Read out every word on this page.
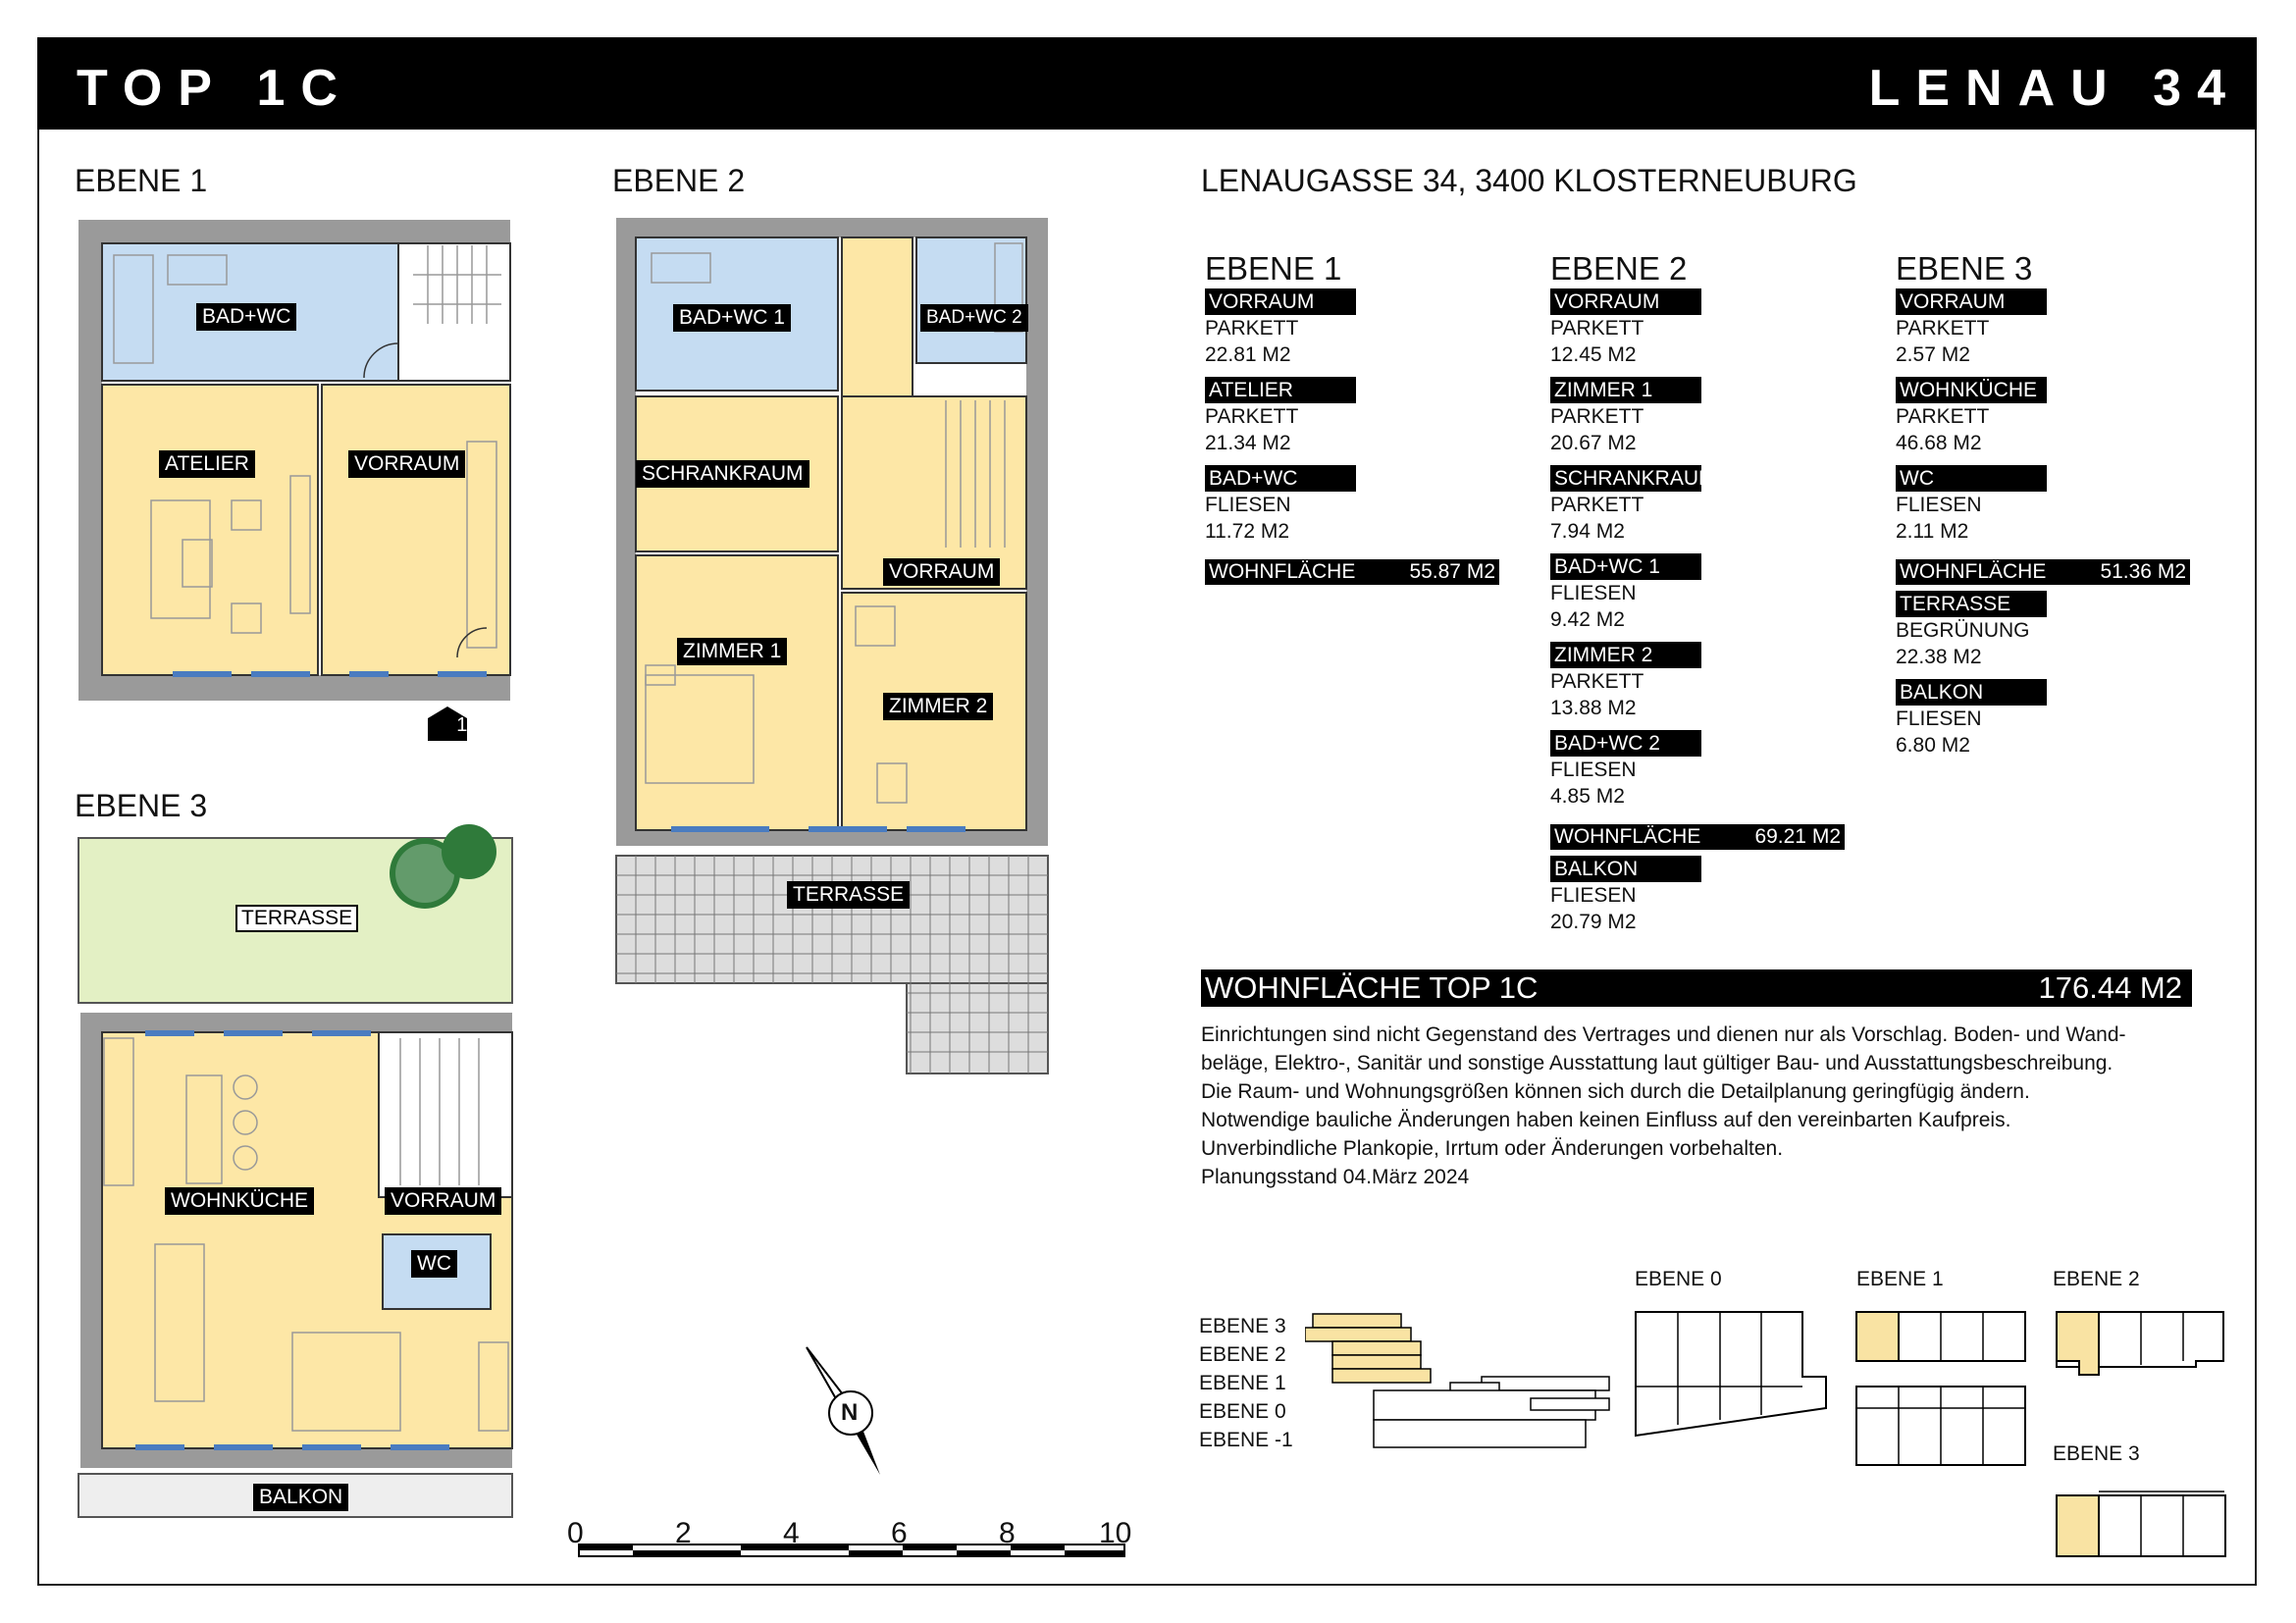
TOP 1C	LENAU 34
EBENE 1
BAD+WC
ATELIER	VORRAUM
1C
EBENE 2
BAD+WC 1	BAD+WC 2
SCHRANKRAUM
VORRAUM
ZIMMER 1
ZIMMER 2
TERRASSE
EBENE 3
TERRASSE
WOHNKÜCHE	VORRAUM
WC
BALKON
N
0	2	4	6	8	10
LENAUGASSE 34, 3400 KLOSTERNEUBURG
EBENE 1
VORRAUM
PARKETT
22.81 M2
ATELIER
PARKETT
21.34 M2
BAD+WC
FLIESEN
11.72 M2
WOHNFLÄCHE	55.87 M2
EBENE 2
VORRAUM
PARKETT
12.45 M2
ZIMMER 1
PARKETT
20.67 M2
SCHRANKRAUM
PARKETT
7.94 M2
BAD+WC 1
FLIESEN
9.42 M2
ZIMMER 2
PARKETT
13.88 M2
BAD+WC 2
FLIESEN
4.85 M2
WOHNFLÄCHE	69.21 M2
BALKON
FLIESEN
20.79 M2
EBENE 3
VORRAUM
PARKETT
2.57 M2
WOHNKÜCHE
PARKETT
46.68 M2
WC
FLIESEN
2.11 M2
WOHNFLÄCHE	51.36 M2
TERRASSE
BEGRÜNUNG
22.38 M2
BALKON
FLIESEN
6.80 M2
WOHNFLÄCHE TOP 1C	176.44 M2
Einrichtungen sind nicht Gegenstand des Vertrages und dienen nur als Vorschlag. Boden- und Wand-
beläge, Elektro-, Sanitär und sonstige Ausstattung laut gültiger Bau- und Ausstattungsbeschreibung.
Die Raum- und Wohnungsgrößen können sich durch die Detailplanung geringfügig ändern.
Notwendige bauliche Änderungen haben keinen Einfluss auf den vereinbarten Kaufpreis.
Unverbindliche Plankopie, Irrtum oder Änderungen vorbehalten.
Planungsstand 04.März 2024
EBENE 3
EBENE 2
EBENE 1
EBENE 0
EBENE -1
EBENE 0	EBENE 1	EBENE 2
EBENE 3
